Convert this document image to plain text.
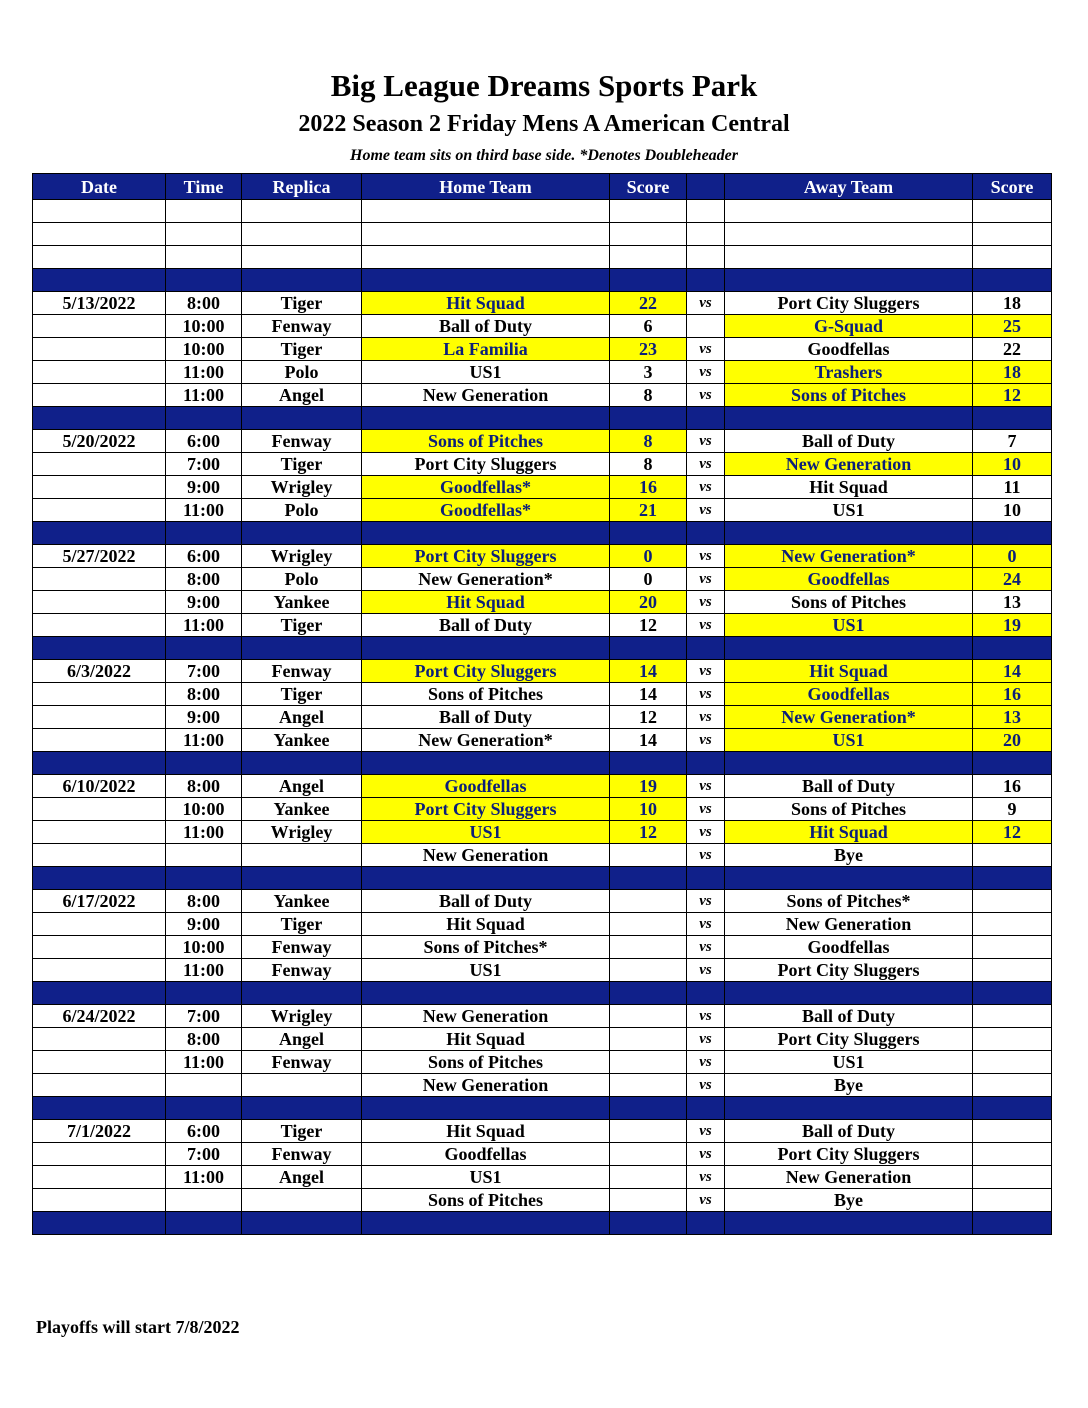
Big League Dreams Sports Park
2022 Season 2 Friday Mens A American Central
Home team sits on third base side. *Denotes Doubleheader
Date	Time	Replica	Home Team	Score		Away Team	Score

5/13/2022	8:00	Tiger	Hit Squad	22	vs	Port City Sluggers	18
	10:00	Fenway	Ball of Duty	6		G-Squad	25
	10:00	Tiger	La Familia	23	vs	Goodfellas	22
	11:00	Polo	US1	3	vs	Trashers	18
	11:00	Angel	New Generation	8	vs	Sons of Pitches	12

5/20/2022	6:00	Fenway	Sons of Pitches	8	vs	Ball of Duty	7
	7:00	Tiger	Port City Sluggers	8	vs	New Generation	10
	9:00	Wrigley	Goodfellas*	16	vs	Hit Squad	11
	11:00	Polo	Goodfellas*	21	vs	US1	10

5/27/2022	6:00	Wrigley	Port City Sluggers	0	vs	New Generation*	0
	8:00	Polo	New Generation*	0	vs	Goodfellas	24
	9:00	Yankee	Hit Squad	20	vs	Sons of Pitches	13
	11:00	Tiger	Ball of Duty	12	vs	US1	19

6/3/2022	7:00	Fenway	Port City Sluggers	14	vs	Hit Squad	14
	8:00	Tiger	Sons of Pitches	14	vs	Goodfellas	16
	9:00	Angel	Ball of Duty	12	vs	New Generation*	13
	11:00	Yankee	New Generation*	14	vs	US1	20

6/10/2022	8:00	Angel	Goodfellas	19	vs	Ball of Duty	16
	10:00	Yankee	Port City Sluggers	10	vs	Sons of Pitches	9
	11:00	Wrigley	US1	12	vs	Hit Squad	12
			New Generation		vs	Bye	

6/17/2022	8:00	Yankee	Ball of Duty		vs	Sons of Pitches*	
	9:00	Tiger	Hit Squad		vs	New Generation	
	10:00	Fenway	Sons of Pitches*		vs	Goodfellas	
	11:00	Fenway	US1		vs	Port City Sluggers	

6/24/2022	7:00	Wrigley	New Generation		vs	Ball of Duty	
	8:00	Angel	Hit Squad		vs	Port City Sluggers	
	11:00	Fenway	Sons of Pitches		vs	US1	
			New Generation		vs	Bye	

7/1/2022	6:00	Tiger	Hit Squad		vs	Ball of Duty	
	7:00	Fenway	Goodfellas		vs	Port City Sluggers	
	11:00	Angel	US1		vs	New Generation	
			Sons of Pitches		vs	Bye	

Playoffs will start 7/8/2022
